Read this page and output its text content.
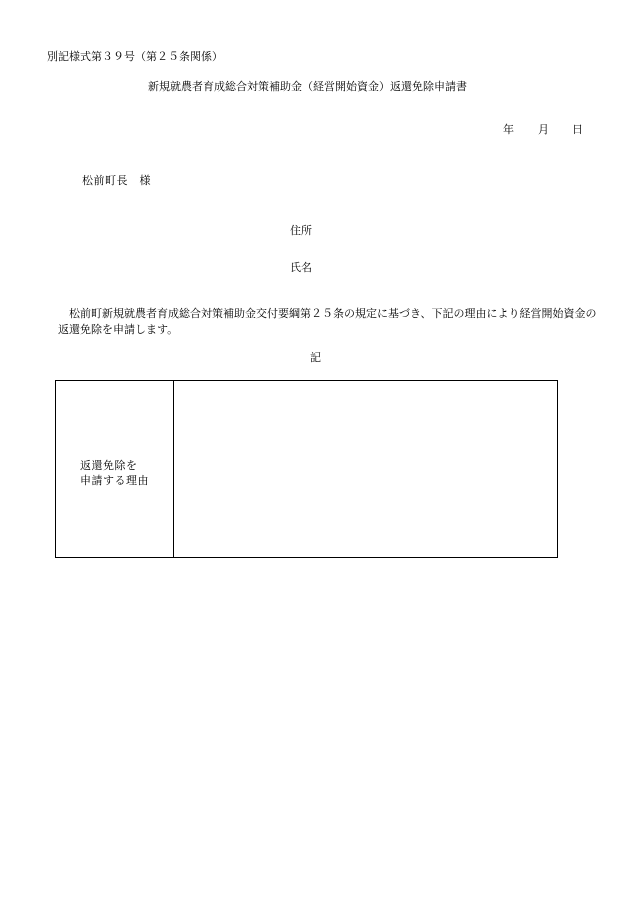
別記様式第３９号（第２５条関係）
新規就農者育成総合対策補助金（経営開始資金）返還免除申請書
年 月 日
松前町長　様
住所
氏名
松前町新規就農者育成総合対策補助金交付要綱第２５条の規定に基づき、下記の理由により経営開始資金の返還免除を申請します。
記
返還免除を
申請する理由
